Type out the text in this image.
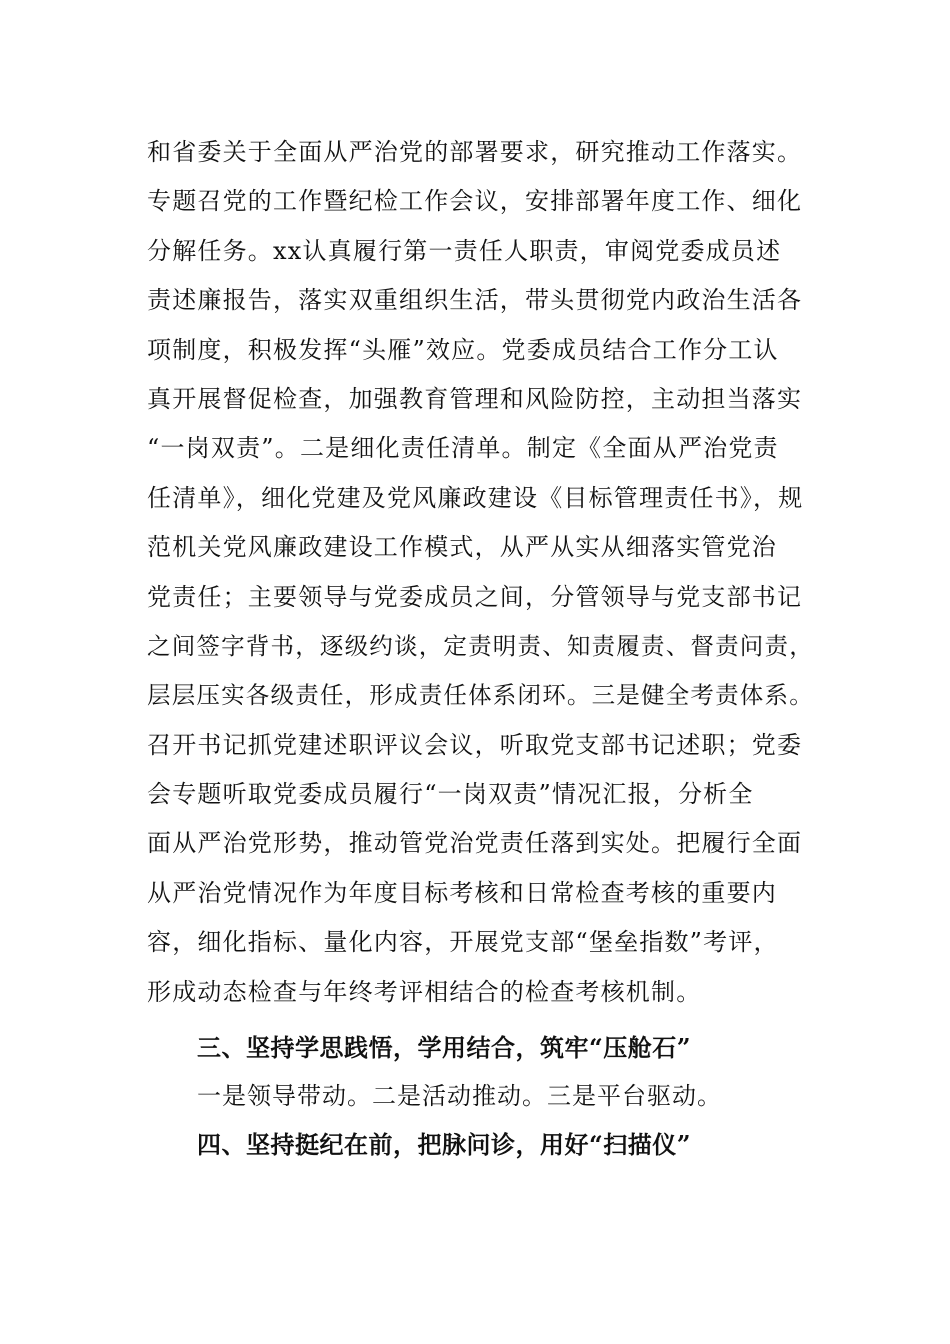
和省委关于全面从严治党的部署要求，研究推动工作落实。
专题召党的工作暨纪检工作会议，安排部署年度工作、细化
分解任务。xx认真履行第一责任人职责，审阅党委成员述
责述廉报告，落实双重组织生活，带头贯彻党内政治生活各
项制度，积极发挥“头雁”效应。党委成员结合工作分工认
真开展督促检查，加强教育管理和风险防控，主动担当落实
“一岗双责”。二是细化责任清单。制定《全面从严治党责
任清单》，细化党建及党风廉政建设《目标管理责任书》，规
范机关党风廉政建设工作模式，从严从实从细落实管党治
党责任；主要领导与党委成员之间，分管领导与党支部书记
之间签字背书，逐级约谈，定责明责、知责履责、督责问责，
层层压实各级责任，形成责任体系闭环。三是健全考责体系。
召开书记抓党建述职评议会议，听取党支部书记述职；党委
会专题听取党委成员履行“一岗双责”情况汇报，分析全
面从严治党形势，推动管党治党责任落到实处。把履行全面
从严治党情况作为年度目标考核和日常检查考核的重要内
容，细化指标、量化内容，开展党支部“堡垒指数”考评，
形成动态检查与年终考评相结合的检查考核机制。
三、坚持学思践悟，学用结合，筑牢“压舱石”
一是领导带动。二是活动推动。三是平台驱动。
四、坚持挺纪在前，把脉问诊，用好“扫描仪”
